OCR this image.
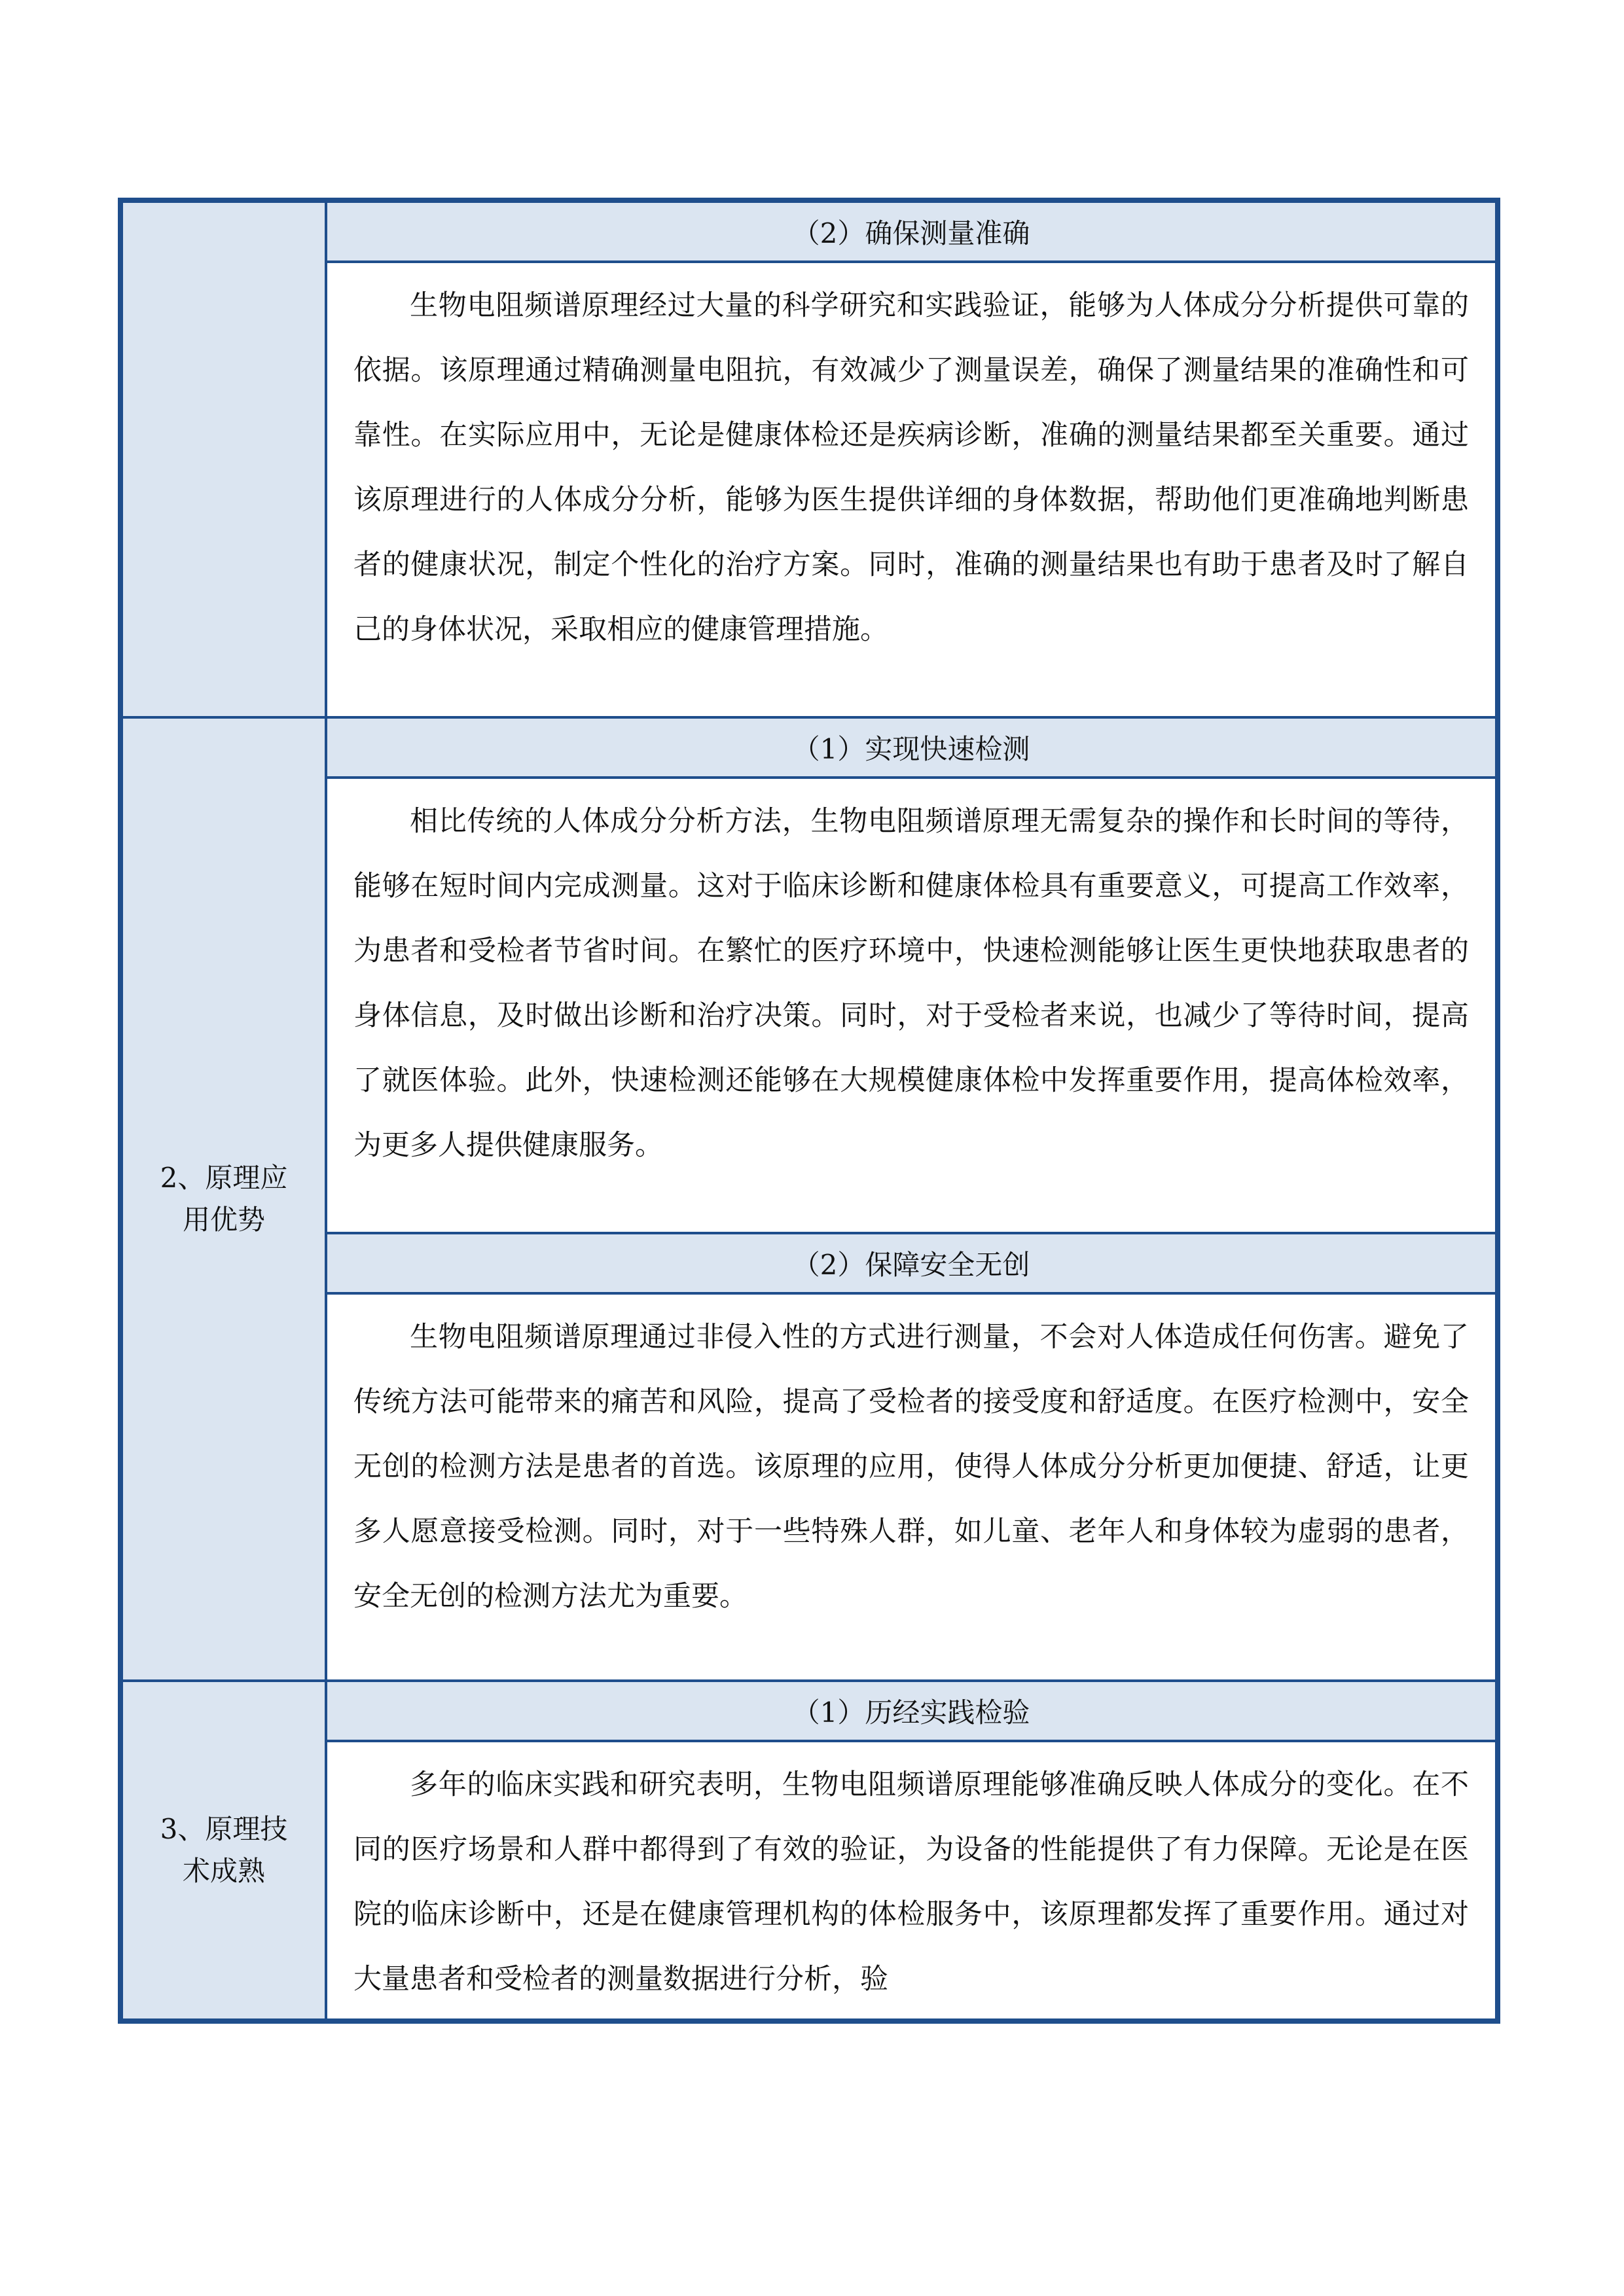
（2）确保测量准确

生物电阻频谱原理经过大量的科学研究和实践验证，能够为人体成分分析提供可靠的依据。该原理通过精确测量电阻抗，有效减少了测量误差，确保了测量结果的准确性和可靠性。在实际应用中，无论是健康体检还是疾病诊断，准确的测量结果都至关重要。通过该原理进行的人体成分分析，能够为医生提供详细的身体数据，帮助他们更准确地判断患者的健康状况，制定个性化的治疗方案。同时，准确的测量结果也有助于患者及时了解自己的身体状况，采取相应的健康管理措施。

2、原理应用优势
（1）实现快速检测

相比传统的人体成分分析方法，生物电阻频谱原理无需复杂的操作和长时间的等待，能够在短时间内完成测量。这对于临床诊断和健康体检具有重要意义，可提高工作效率，为患者和受检者节省时间。在繁忙的医疗环境中，快速检测能够让医生更快地获取患者的身体信息，及时做出诊断和治疗决策。同时，对于受检者来说，也减少了等待时间，提高了就医体验。此外，快速检测还能够在大规模健康体检中发挥重要作用，提高体检效率，为更多人提供健康服务。

（2）保障安全无创

生物电阻频谱原理通过非侵入性的方式进行测量，不会对人体造成任何伤害。避免了传统方法可能带来的痛苦和风险，提高了受检者的接受度和舒适度。在医疗检测中，安全无创的检测方法是患者的首选。该原理的应用，使得人体成分分析更加便捷、舒适，让更多人愿意接受检测。同时，对于一些特殊人群，如儿童、老年人和身体较为虚弱的患者，安全无创的检测方法尤为重要。

3、原理技术成熟
（1）历经实践检验

多年的临床实践和研究表明，生物电阻频谱原理能够准确反映人体成分的变化。在不同的医疗场景和人群中都得到了有效的验证，为设备的性能提供了有力保障。无论是在医院的临床诊断中，还是在健康管理机构的体检服务中，该原理都发挥了重要作用。通过对大量患者和受检者的测量数据进行分析，验
